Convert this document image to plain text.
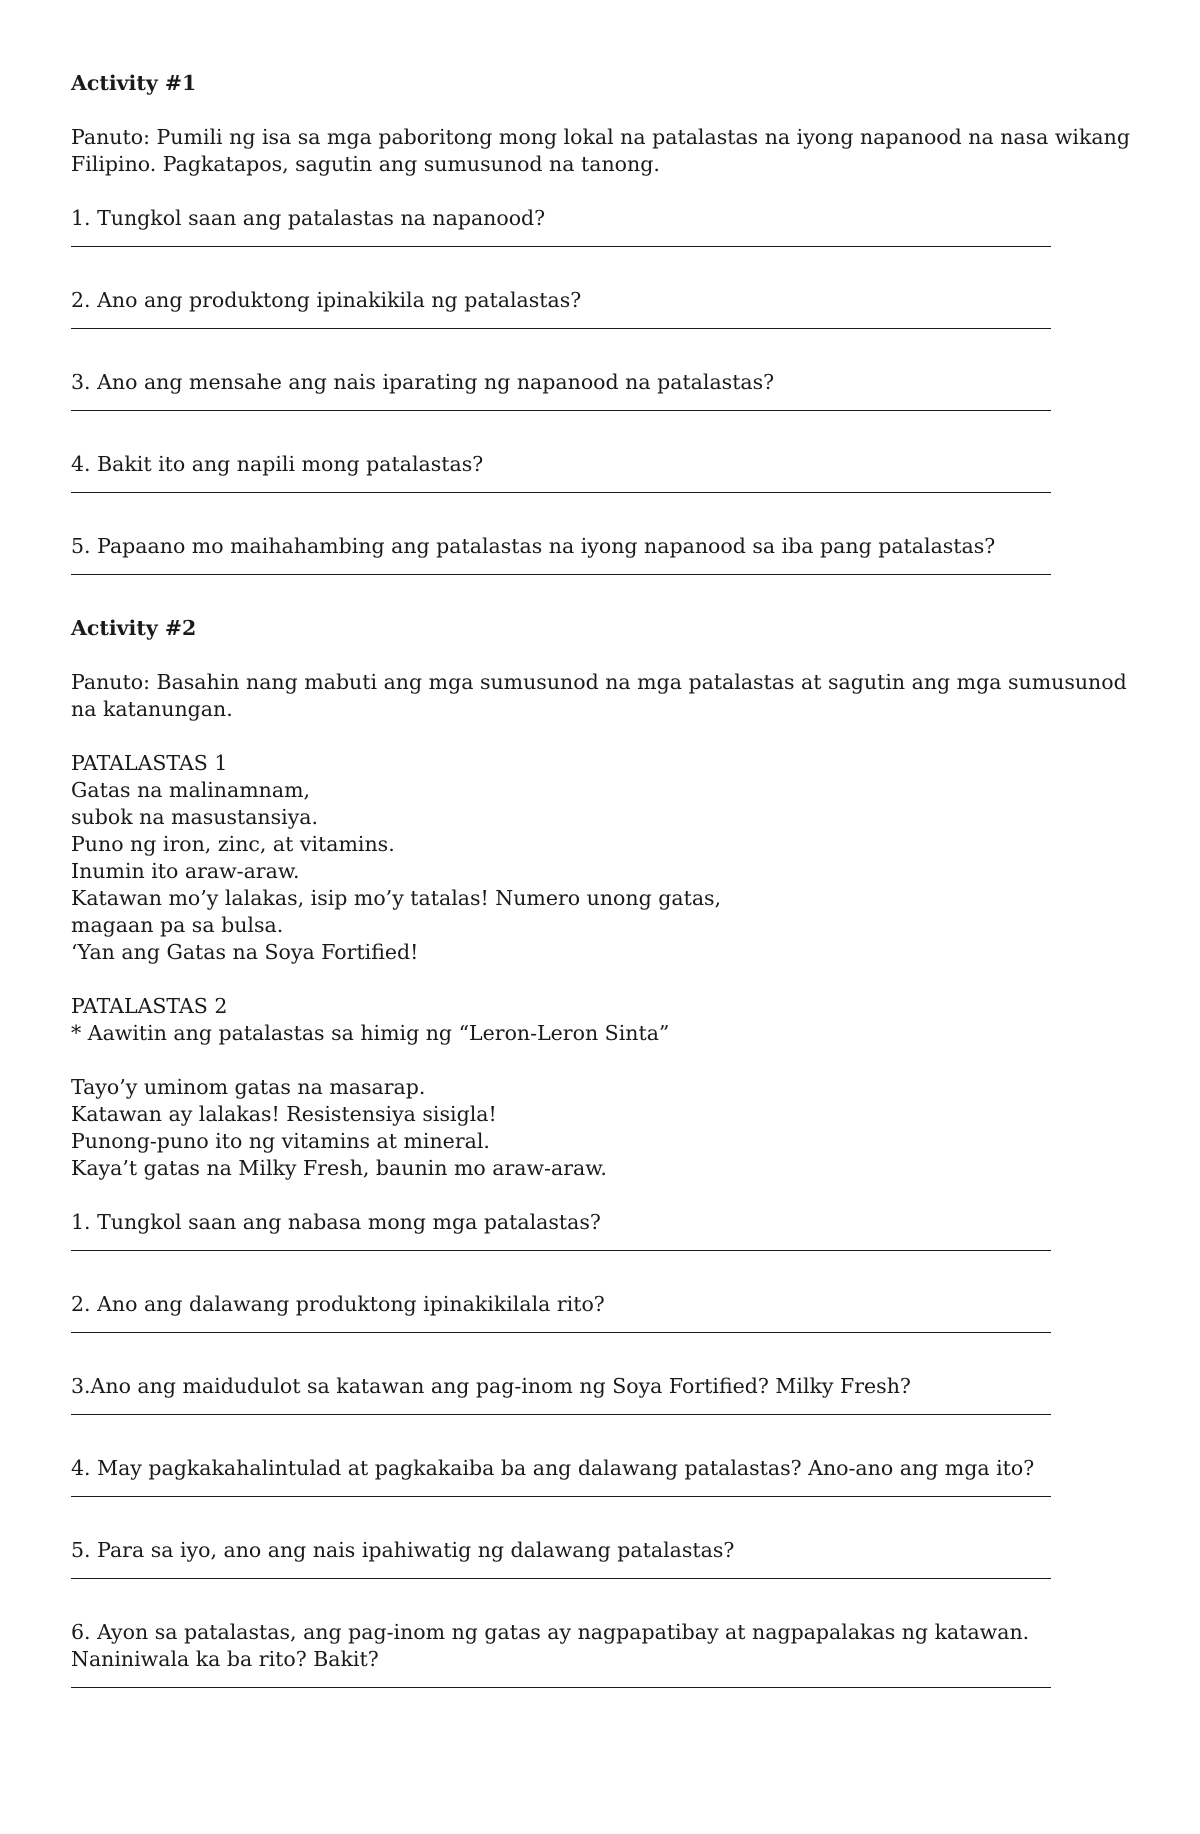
Activity #1
Panuto: Pumili ng isa sa mga paboritong mong lokal na patalastas na iyong napanood na nasa wikang Filipino. Pagkatapos, sagutin ang sumusunod na tanong.
1. Tungkol saan ang patalastas na napanood?
2. Ano ang produktong ipinakikila ng patalastas?
3. Ano ang mensahe ang nais iparating ng napanood na patalastas?
4. Bakit ito ang napili mong patalastas?
5. Papaano mo maihahambing ang patalastas na iyong napanood sa iba pang patalastas?
Activity #2
Panuto: Basahin nang mabuti ang mga sumusunod na mga patalastas at sagutin ang mga sumusunod na katanungan.
PATALASTAS 1
Gatas na malinamnam,
subok na masustansiya.
Puno ng iron, zinc, at vitamins.
Inumin ito araw-araw.
Katawan mo’y lalakas, isip mo’y tatalas! Numero unong gatas,
magaan pa sa bulsa.
‘Yan ang Gatas na Soya Fortified!
PATALASTAS 2
* Aawitin ang patalastas sa himig ng “Leron-Leron Sinta”
Tayo’y uminom gatas na masarap.
Katawan ay lalakas! Resistensiya sisigla!
Punong-puno ito ng vitamins at mineral.
Kaya’t gatas na Milky Fresh, baunin mo araw-araw.
1. Tungkol saan ang nabasa mong mga patalastas?
2. Ano ang dalawang produktong ipinakikilala rito?
3.Ano ang maidudulot sa katawan ang pag-inom ng Soya Fortified? Milky Fresh?
4. May pagkakahalintulad at pagkakaiba ba ang dalawang patalastas? Ano-ano ang mga ito?
5. Para sa iyo, ano ang nais ipahiwatig ng dalawang patalastas?
6. Ayon sa patalastas, ang pag-inom ng gatas ay nagpapatibay at nagpapalakas ng katawan. Naniniwala ka ba rito? Bakit?
